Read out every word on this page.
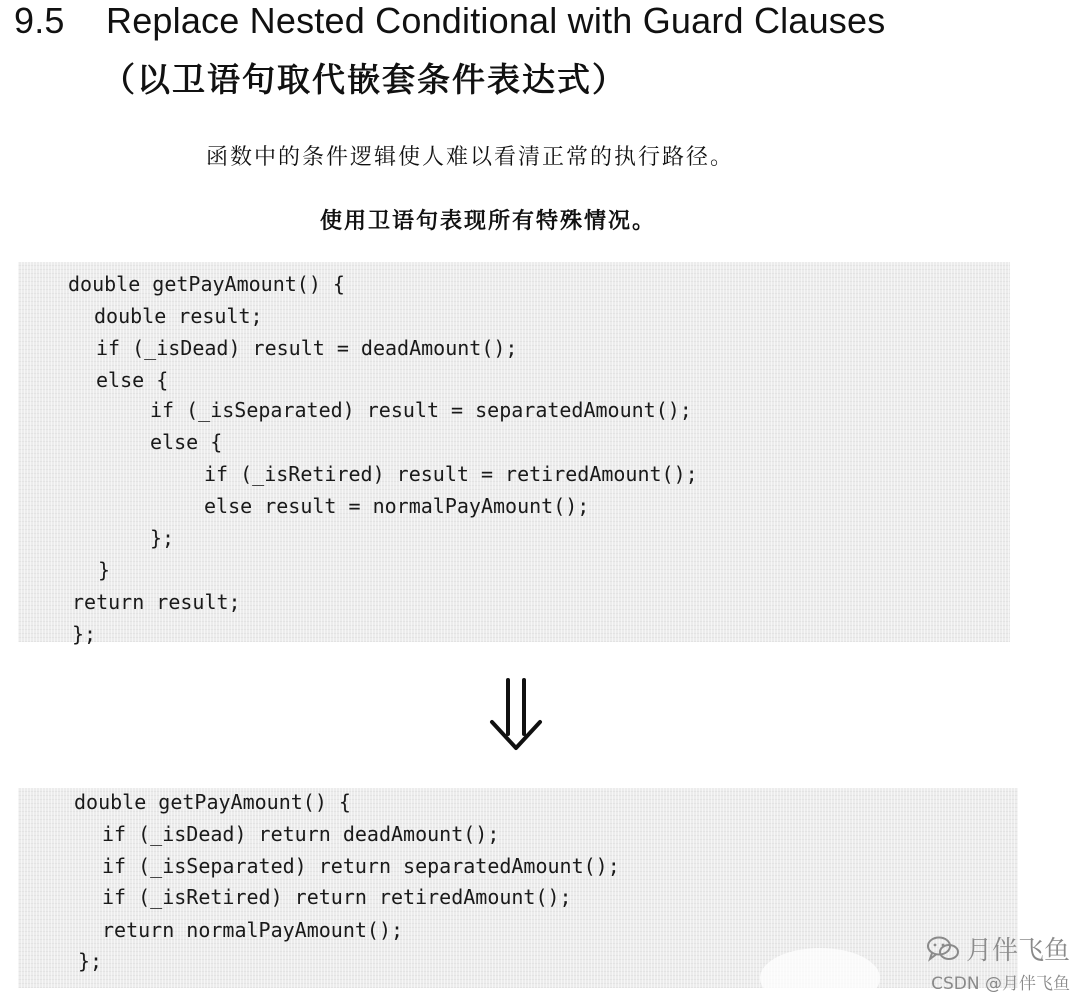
9.5 Replace Nested Conditional with Guard Clauses
（以卫语句取代嵌套条件表达式）
函数中的条件逻辑使人难以看清正常的执行路径。
使用卫语句表现所有特殊情况。
double getPayAmount() {
double result;
if (_isDead) result = deadAmount();
else {
if (_isSeparated) result = separatedAmount();
else {
if (_isRetired) result = retiredAmount();
else result = normalPayAmount();
};
}
return result;
};
double getPayAmount() {
if (_isDead) return deadAmount();
if (_isSeparated) return separatedAmount();
if (_isRetired) return retiredAmount();
return normalPayAmount();
};	月伴飞鱼
CSDN @月伴飞鱼
